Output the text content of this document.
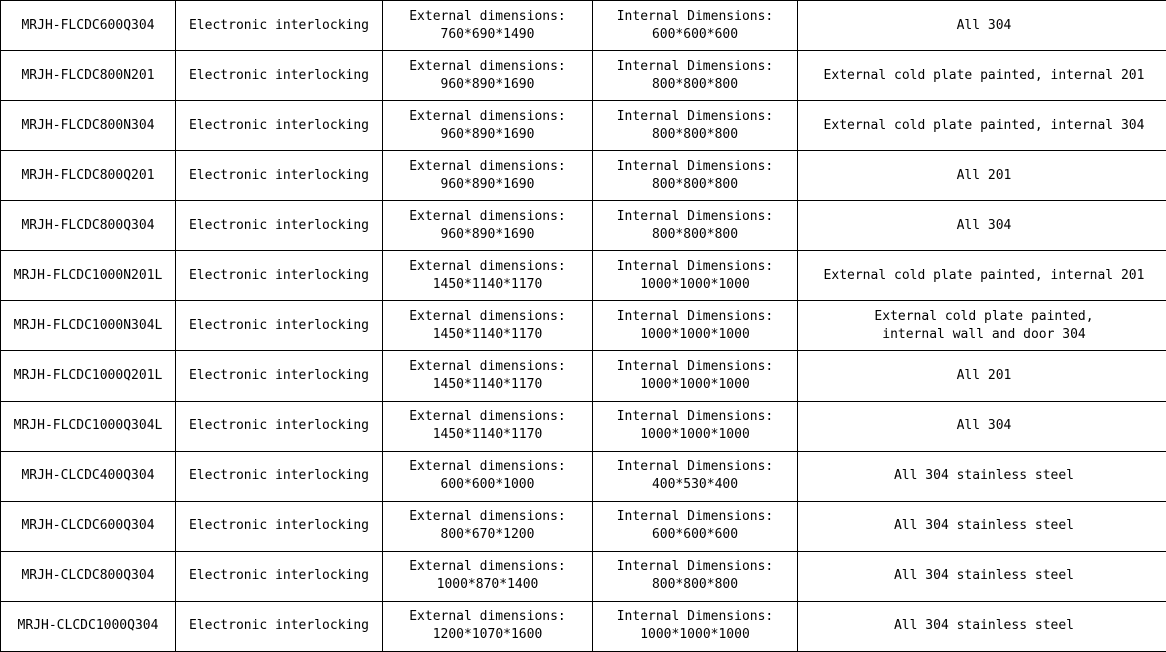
MRJH-FLCDC600Q304	Electronic interlocking	External dimensions:
760*690*1490	Internal Dimensions:
600*600*600	All 304

MRJH-FLCDC800N201	Electronic interlocking	External dimensions:
960*890*1690	Internal Dimensions:
800*800*800	External cold plate painted, internal 201

MRJH-FLCDC800N304	Electronic interlocking	External dimensions:
960*890*1690	Internal Dimensions:
800*800*800	External cold plate painted, internal 304

MRJH-FLCDC800Q201	Electronic interlocking	External dimensions:
960*890*1690	Internal Dimensions:
800*800*800	All 201

MRJH-FLCDC800Q304	Electronic interlocking	External dimensions:
960*890*1690	Internal Dimensions:
800*800*800	All 304

MRJH-FLCDC1000N201L	Electronic interlocking	External dimensions:
1450*1140*1170	Internal Dimensions:
1000*1000*1000	External cold plate painted, internal 201

MRJH-FLCDC1000N304L	Electronic interlocking	External dimensions:
1450*1140*1170	Internal Dimensions:
1000*1000*1000	External cold plate painted,
internal wall and door 304

MRJH-FLCDC1000Q201L	Electronic interlocking	External dimensions:
1450*1140*1170	Internal Dimensions:
1000*1000*1000	All 201

MRJH-FLCDC1000Q304L	Electronic interlocking	External dimensions:
1450*1140*1170	Internal Dimensions:
1000*1000*1000	All 304

MRJH-CLCDC400Q304	Electronic interlocking	External dimensions:
600*600*1000	Internal Dimensions:
400*530*400	All 304 stainless steel

MRJH-CLCDC600Q304	Electronic interlocking	External dimensions:
800*670*1200	Internal Dimensions:
600*600*600	All 304 stainless steel

MRJH-CLCDC800Q304	Electronic interlocking	External dimensions:
1000*870*1400	Internal Dimensions:
800*800*800	All 304 stainless steel

MRJH-CLCDC1000Q304	Electronic interlocking	External dimensions:
1200*1070*1600	Internal Dimensions:
1000*1000*1000	All 304 stainless steel
